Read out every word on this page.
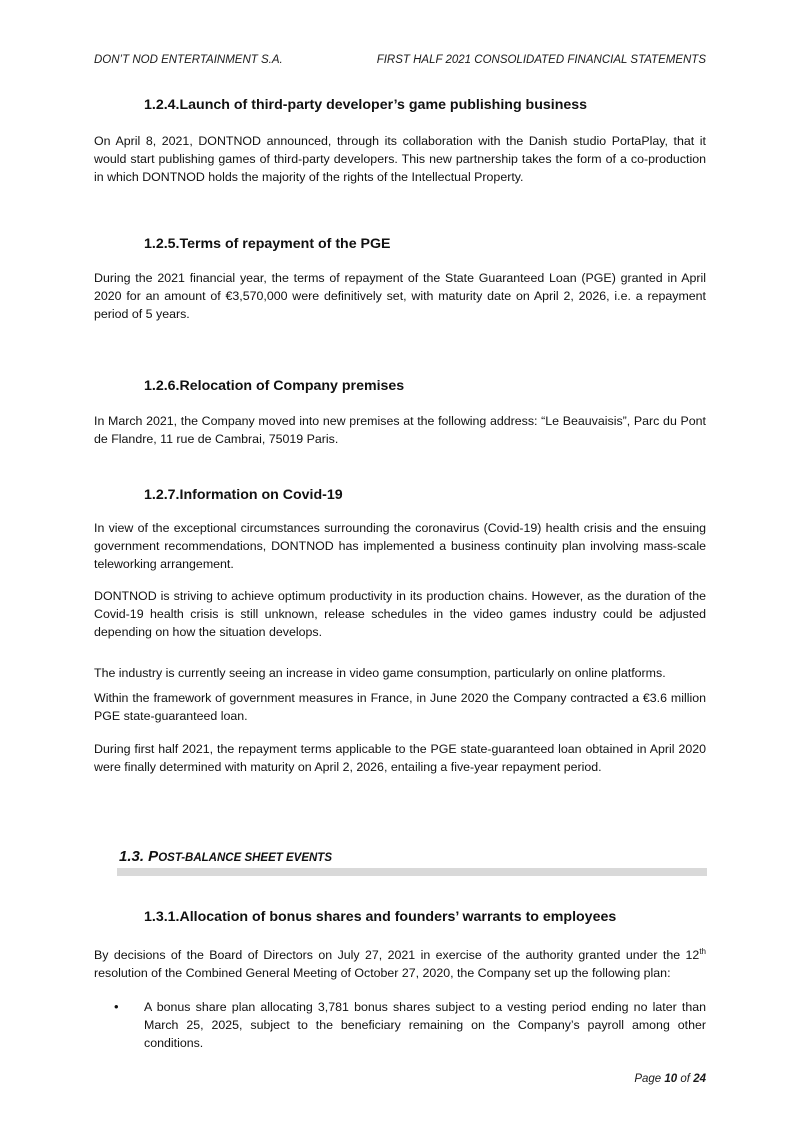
DON’T NOD ENTERTAINMENT S.A.	FIRST HALF 2021 CONSOLIDATED FINANCIAL STATEMENTS
1.2.4.Launch of third-party developer’s game publishing business
On April 8, 2021, DONTNOD announced, through its collaboration with the Danish studio PortaPlay, that it would start publishing games of third-party developers. This new partnership takes the form of a co-production in which DONTNOD holds the majority of the rights of the Intellectual Property.
1.2.5.Terms of repayment of the PGE
During the 2021 financial year, the terms of repayment of the State Guaranteed Loan (PGE) granted in April 2020 for an amount of €3,570,000 were definitively set, with maturity date on April 2, 2026, i.e. a repayment period of 5 years.
1.2.6.Relocation of Company premises
In March 2021, the Company moved into new premises at the following address: “Le Beauvaisis”, Parc du Pont de Flandre, 11 rue de Cambrai, 75019 Paris.
1.2.7.Information on Covid-19
In view of the exceptional circumstances surrounding the coronavirus (Covid-19) health crisis and the ensuing government recommendations, DONTNOD has implemented a business continuity plan involving mass-scale teleworking arrangement.
DONTNOD is striving to achieve optimum productivity in its production chains. However, as the duration of the Covid-19 health crisis is still unknown, release schedules in the video games industry could be adjusted depending on how the situation develops.
The industry is currently seeing an increase in video game consumption, particularly on online platforms.
Within the framework of government measures in France, in June 2020 the Company contracted a €3.6 million PGE state-guaranteed loan.
During first half 2021, the repayment terms applicable to the PGE state-guaranteed loan obtained in April 2020 were finally determined with maturity on April 2, 2026, entailing a five-year repayment period.
1.3. POST-BALANCE SHEET EVENTS
1.3.1.Allocation of bonus shares and founders’ warrants to employees
By decisions of the Board of Directors on July 27, 2021 in exercise of the authority granted under the 12th resolution of the Combined General Meeting of October 27, 2020, the Company set up the following plan:
• A bonus share plan allocating 3,781 bonus shares subject to a vesting period ending no later than March 25, 2025, subject to the beneficiary remaining on the Company’s payroll among other conditions.
Page 10 of 24
